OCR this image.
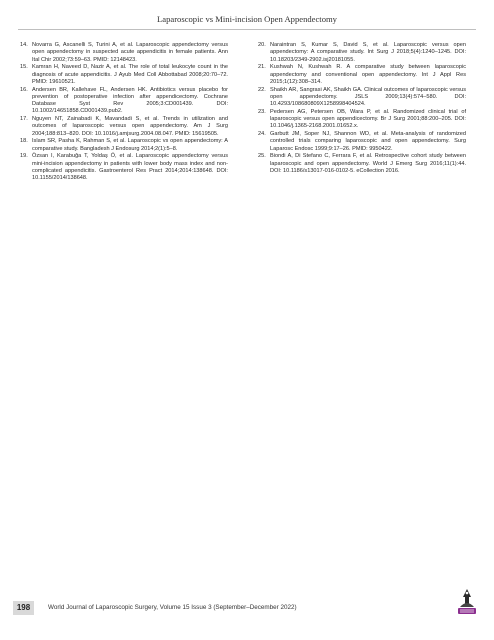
Laparoscopic vs Mini-incision Open Appendectomy
14. Novarra G, Ascanelli S, Turini A, et al. Laparoscopic appendectomy versus open appendectomy in suspected acute appendicitis in female patients. Ann Ital Chir 2002;73:59–63. PMID: 12148423.
15. Kamran H, Naveed D, Nazir A, et al. The role of total leukocyte count in the diagnosis of acute appendicitis. J Ayub Med Coll Abbottabad 2008;20:70–72. PMID: 19610521.
16. Andersen BR, Kallehave FL, Andersen HK. Antibiotics versus placebo for prevention of postoperative infection after appendicectomy. Cochrane Database Syst Rev 2005;3:CD001439. DOI: 10.1002/14651858.CD001439.pub2.
17. Nguyen NT, Zainabadi K, Mavandadi S, et al. Trends in utilization and outcomes of laparoscopic versus open appendectomy. Am J Surg 2004;188:813–820. DOI: 10.1016/j.amjsurg.2004.08.047. PMID: 15619505.
18. Islam SR, Pasha K, Rahman S, et al. Laparoscopic vs open appendectomy: A comparative study. Bangladesh J Endosurg 2014;2(1):5–8.
19. Özsan I, Karabuğa T, Yoldaş Ö, et al. Laparoscopic appendectomy versus mini-incision appendectomy in patients with lower body mass index and non-complicated appendicitis. Gastroenterol Res Pract 2014;2014:138648. DOI: 10.1155/2014/138648.
20. Naraintran S, Kumar S, David S, et al. Laparoscopic versus open appendectomy: A comparative study. Int Surg J 2018;5(4):1240–1245. DOI: 10.18203/2349-2902.isj20181055.
21. Kushwah N, Kushwah R. A comparative study between laparoscopic appendectomy and conventional open appendectomy. Int J Appl Res 2015;1(12):308–314.
22. Shaikh AR, Sangrasi AK, Shaikh GA. Clinical outcomes of laparoscopic versus open appendectomy. JSLS 2009;13(4):574–580. DOI: 10.4293/108680809X1258998404524.
23. Pedersen AG, Petersen OB, Wara P, et al. Randomized clinical trial of laparoscopic versus open appendicectomy. Br J Surg 2001;88:200–205. DOI: 10.1046/j.1365-2168.2001.01652.x.
24. Garbutt JM, Soper NJ, Shannon WD, et al. Meta-analysis of randomized controlled trials comparing laparoscopic and open appendectomy. Surg Laparosc Endosc 1999;9:17–26. PMID: 9950422.
25. Biondi A, Di Stefano C, Ferrara F, et al. Retrospective cohort study between laparoscopic and open appendectomy. World J Emerg Surg 2016;11(1):44. DOI: 10.1186/s13017-016-0102-5. eCollection 2016.
198	World Journal of Laparoscopic Surgery, Volume 15 Issue 3 (September–December 2022)
